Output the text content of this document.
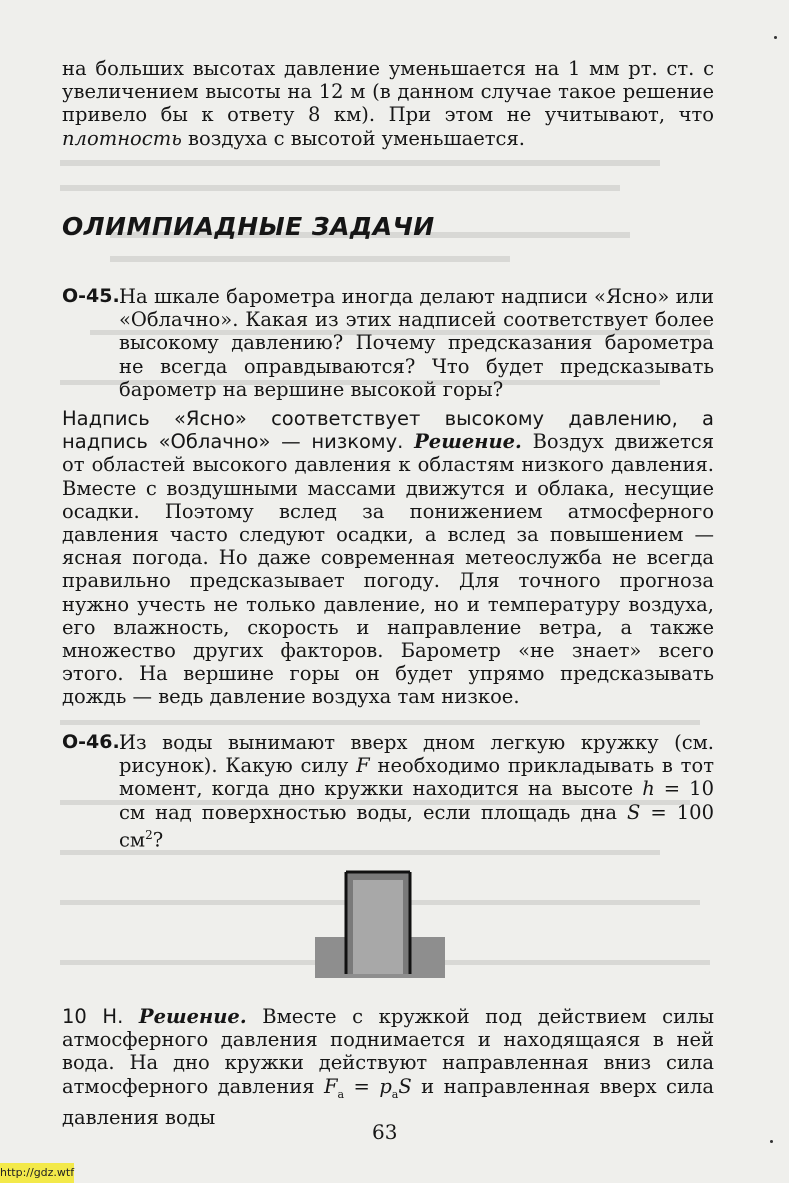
на больших высотах давление уменьшается на 1 мм рт. ст. с увеличением высоты на 12 м (в данном случае такое решение привело бы к ответу 8 км). При этом не учитывают, что плотность воздуха с высотой уменьшается.
ОЛИМПИАДНЫЕ ЗАДАЧИ
О-45. На шкале барометра иногда делают надписи «Ясно» или «Облачно». Какая из этих надписей соответствует более высокому давлению? Почему предсказания барометра не всегда оправдываются? Что будет предсказывать барометр на вершине высокой горы?
Надпись «Ясно» соответствует высокому давлению, а надпись «Облачно» — низкому. Решение. Воздух движется от областей высокого давления к областям низкого давления. Вместе с воздушными массами движутся и облака, несущие осадки. Поэтому вслед за понижением атмосферного давления часто следуют осадки, а вслед за повышением — ясная погода. Но даже современная метеослужба не всегда правильно предсказывает погоду. Для точного прогноза нужно учесть не только давление, но и температуру воздуха, его влажность, скорость и направление ветра, а также множество других факторов. Барометр «не знает» всего этого. На вершине горы он будет упрямо предсказывать дождь — ведь давление воздуха там низкое.
О-46. Из воды вынимают вверх дном легкую кружку (см. рисунок). Какую силу F необходимо прикладывать в тот момент, когда дно кружки находится на высоте h = 10 см над поверхностью воды, если площадь дна S = 100 $см^2$?
10 Н. Решение. Вместе с кружкой под действием силы атмосферного давления поднимается и находящаяся в ней вода. На дно кружки действуют направленная вниз сила атмосферного давления $F_a = p_aS$ и направленная вверх сила давления воды
63
http://gdz.wtf
